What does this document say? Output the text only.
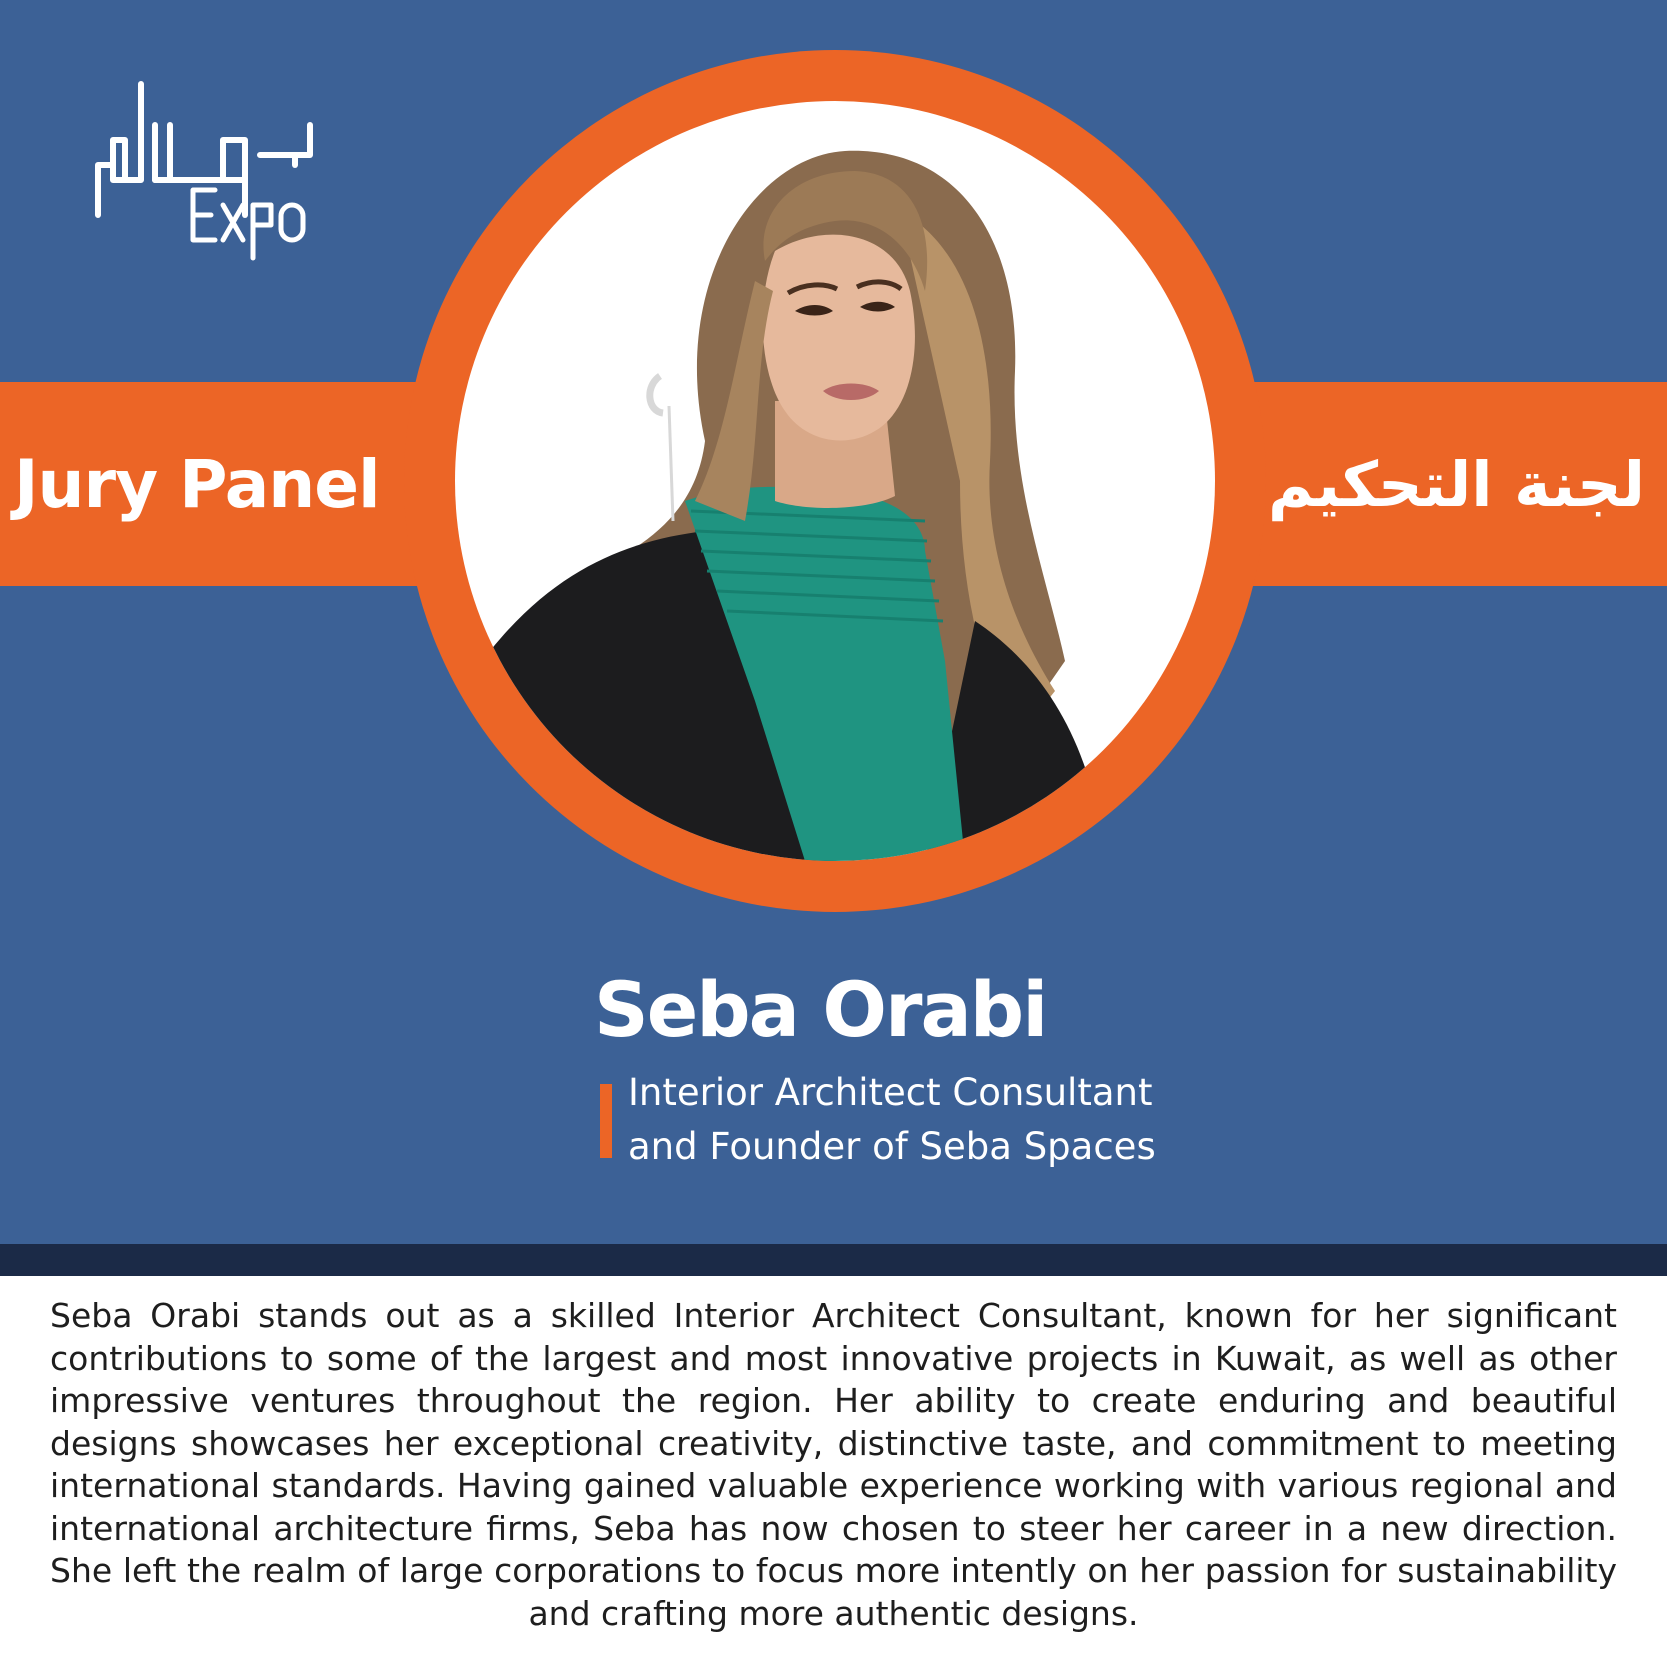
Jury Panel	لجنة التحكيم
Seba Orabi
Interior Architect Consultant
and Founder of Seba Spaces
Seba Orabi stands out as a skilled Interior Architect Consultant, known for her significant contributions to some of the largest and most innovative projects in Kuwait, as well as other impressive ventures throughout the region. Her ability to create enduring and beautiful designs showcases her exceptional creativity, distinctive taste, and commitment to meeting international standards. Having gained valuable experience working with various regional and international architecture firms, Seba has now chosen to steer her career in a new direction. She left the realm of large corporations to focus more intently on her passion for sustainability and crafting more authentic designs.
